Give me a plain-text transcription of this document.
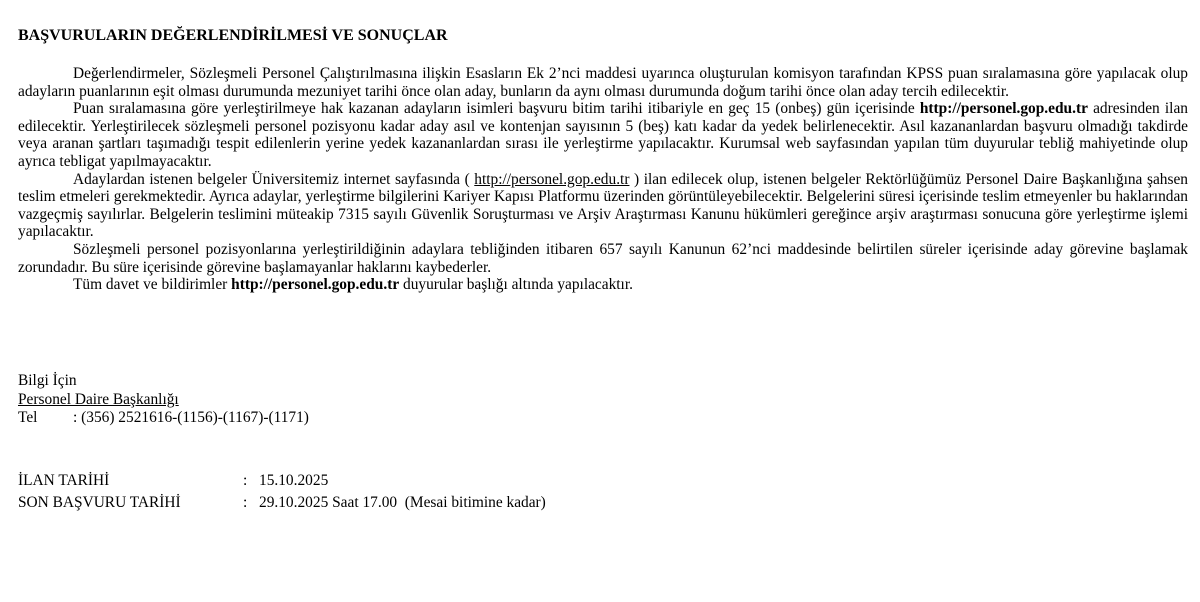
BAŞVURULARIN DEĞERLENDİRİLMESİ VE SONUÇLAR

Değerlendirmeler, Sözleşmeli Personel Çalıştırılmasına ilişkin Esasların Ek 2’nci maddesi uyarınca oluşturulan komisyon tarafından KPSS puan sıralamasına göre yapılacak olup adayların puanlarının eşit olması durumunda mezuniyet tarihi önce olan aday, bunların da aynı olması durumunda doğum tarihi önce olan aday tercih edilecektir.

Puan sıralamasına göre yerleştirilmeye hak kazanan adayların isimleri başvuru bitim tarihi itibariyle en geç 15 (onbeş) gün içerisinde http://personel.gop.edu.tr adresinden ilan edilecektir. Yerleştirilecek sözleşmeli personel pozisyonu kadar aday asıl ve kontenjan sayısının 5 (beş) katı kadar da yedek belirlenecektir. Asıl kazananlardan başvuru olmadığı takdirde veya aranan şartları taşımadığı tespit edilenlerin yerine yedek kazananlardan sırası ile yerleştirme yapılacaktır. Kurumsal web sayfasından yapılan tüm duyurular tebliğ mahiyetinde olup ayrıca tebligat yapılmayacaktır.

Adaylardan istenen belgeler Üniversitemiz internet sayfasında ( http://personel.gop.edu.tr ) ilan edilecek olup, istenen belgeler Rektörlüğümüz Personel Daire Başkanlığına şahsen teslim etmeleri gerekmektedir. Ayrıca adaylar, yerleştirme bilgilerini Kariyer Kapısı Platformu üzerinden görüntüleyebilecektir. Belgelerini süresi içerisinde teslim etmeyenler bu haklarından vazgeçmiş sayılırlar. Belgelerin teslimini müteakip 7315 sayılı Güvenlik Soruşturması ve Arşiv Araştırması Kanunu hükümleri gereğince arşiv araştırması sonucuna göre yerleştirme işlemi yapılacaktır.

Sözleşmeli personel pozisyonlarına yerleştirildiğinin adaylara tebliğinden itibaren 657 sayılı Kanunun 62’nci maddesinde belirtilen süreler içerisinde aday görevine başlamak zorundadır. Bu süre içerisinde görevine başlamayanlar haklarını kaybederler.

Tüm davet ve bildirimler http://personel.gop.edu.tr duyurular başlığı altında yapılacaktır.

Bilgi İçin
Personel Daire Başkanlığı
Tel : (356) 2521616-(1156)-(1167)-(1171)
İLAN TARİHİ	: 15.10.2025
SON BAŞVURU TARİHİ	: 29.10.2025 Saat 17.00  (Mesai bitimine kadar)
